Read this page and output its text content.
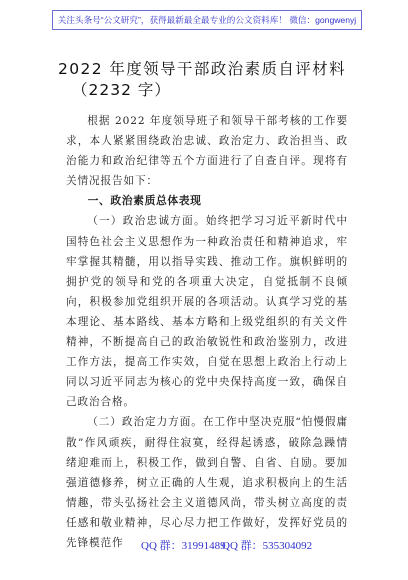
关注头条号“公文研究”，获得最新最全最专业的公文资料库！ 微信：gongwenyj
2022 年度领导干部政治素质自评材料
（2232 字）

根据 2022 年度领导班子和领导干部考核的工作要求，本人紧紧围绕政治忠诚、政治定力、政治担当、政治能力和政治纪律等五个方面进行了自查自评。现将有关情况报告如下：

一、政治素质总体表现

（一）政治忠诚方面。始终把学习习近平新时代中国特色社会主义思想作为一种政治责任和精神追求，牢牢掌握其精髓，用以指导实践、推动工作。旗帜鲜明的拥护党的领导和党的各项重大决定，自觉抵制不良倾向，积极参加党组织开展的各项活动。认真学习党的基本理论、基本路线、基本方略和上级党组织的有关文件精神，不断提高自己的政治敏锐性和政治鉴别力，改进工作方法，提高工作实效，自觉在思想上政治上行动上同以习近平同志为核心的党中央保持高度一致，确保自己政治合格。

（二）政治定力方面。在工作中坚决克服“怕慢假庸散”作风顽疾，耐得住寂寞，经得起诱惑，破除急躁情绪迎难而上，积极工作，做到自警、自省、自励。要加强道德修养，树立正确的人生观，追求积极向上的生活情趣，带头弘扬社会主义道德风尚，带头树立高度的责任感和敬业精神，尽心尽力把工作做好，发挥好党员的先锋模范作	QQ 群：31991489
QQ 群：535304092
